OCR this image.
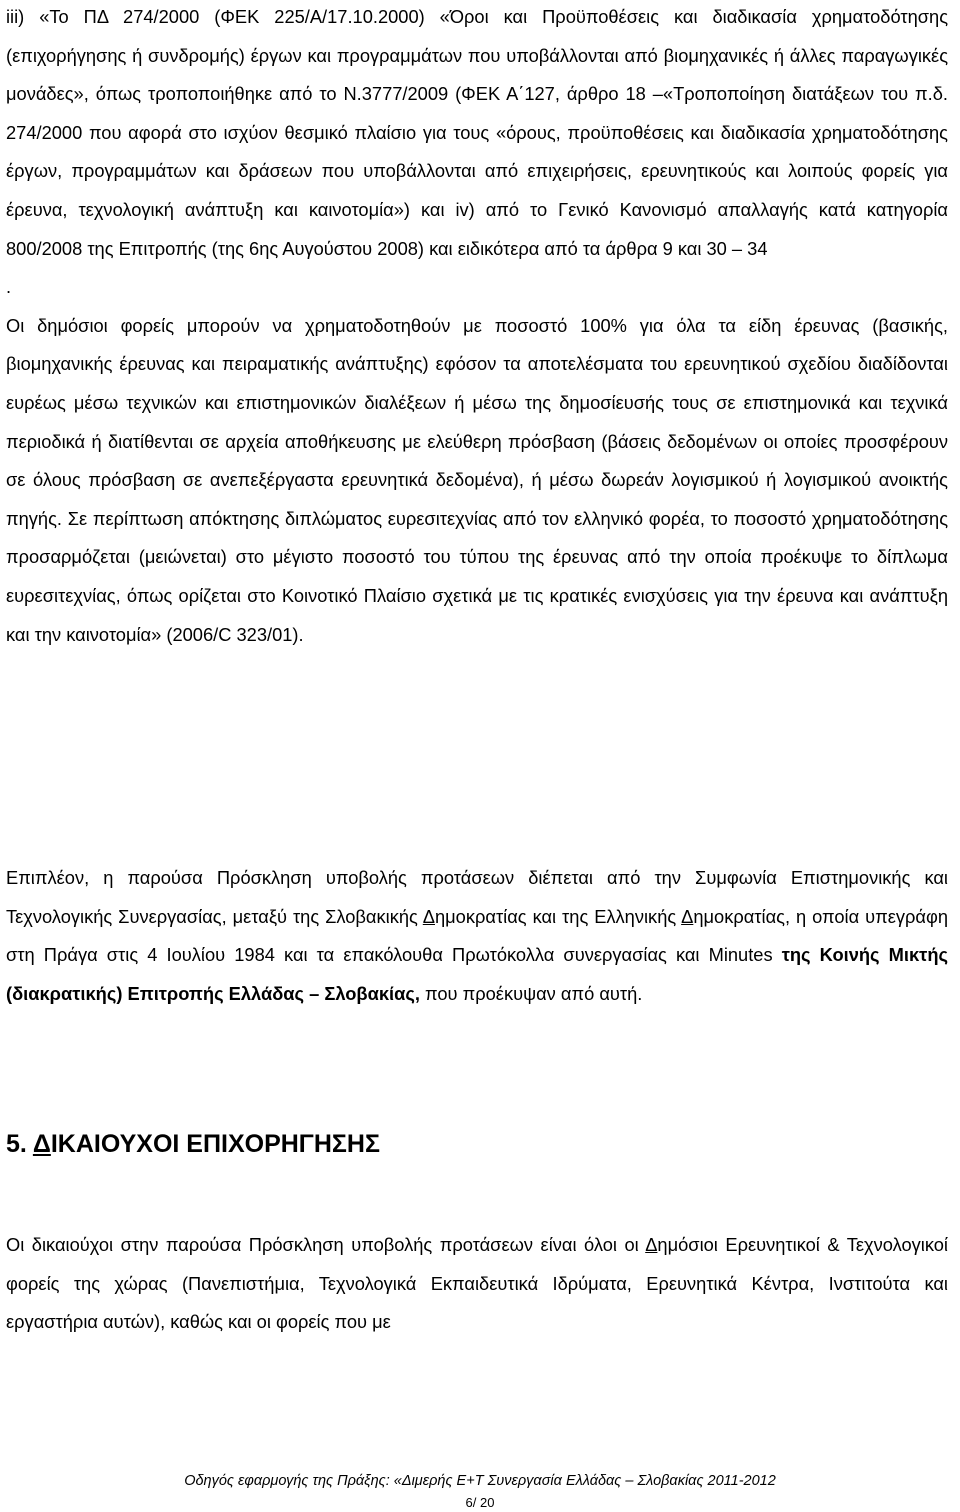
iii) «Το ΠΔ 274/2000 (ΦΕΚ 225/Α/17.10.2000) «Όροι και Προϋποθέσεις και διαδικασία χρηματοδότησης (επιχορήγησης ή συνδρομής) έργων και προγραμμάτων που υποβάλλονται από βιομηχανικές ή άλλες παραγωγικές μονάδες», όπως τροποποιήθηκε από το Ν.3777/2009 (ΦΕΚ Α΄127, άρθρο 18 –«Τροποποίηση διατάξεων του π.δ. 274/2000 που αφορά στο ισχύον θεσμικό πλαίσιο για τους «όρους, προϋποθέσεις και διαδικασία χρηματοδότησης έργων, προγραμμάτων και δράσεων που υποβάλλονται από επιχειρήσεις, ερευνητικούς και λοιπούς φορείς για έρευνα, τεχνολογική ανάπτυξη και καινοτομία») και iv) από το Γενικό Κανονισμό απαλλαγής κατά κατηγορία 800/2008 της Επιτροπής (της 6ης Αυγούστου 2008) και ειδικότερα από τα άρθρα 9 και 30 – 34
.
Οι δημόσιοι φορείς μπορούν να χρηματοδοτηθούν με ποσοστό 100% για όλα τα είδη έρευνας (βασικής, βιομηχανικής έρευνας και πειραματικής ανάπτυξης) εφόσον τα αποτελέσματα του ερευνητικού σχεδίου διαδίδονται ευρέως μέσω τεχνικών και επιστημονικών διαλέξεων ή μέσω της δημοσίευσής τους σε επιστημονικά και τεχνικά περιοδικά ή διατίθενται σε αρχεία αποθήκευσης με ελεύθερη πρόσβαση (βάσεις δεδομένων οι οποίες προσφέρουν σε όλους πρόσβαση σε ανεπεξέργαστα ερευνητικά δεδομένα), ή μέσω δωρεάν λογισμικού ή λογισμικού ανοικτής πηγής. Σε περίπτωση απόκτησης διπλώματος ευρεσιτεχνίας από τον ελληνικό φορέα, το ποσοστό χρηματοδότησης προσαρμόζεται (μειώνεται) στο μέγιστο ποσοστό του τύπου της έρευνας από την οποία προέκυψε το δίπλωμα ευρεσιτεχνίας, όπως ορίζεται στο Κοινοτικό Πλαίσιο σχετικά με τις κρατικές ενισχύσεις για την έρευνα και ανάπτυξη και την καινοτομία» (2006/C 323/01).

Επιπλέον, η παρούσα Πρόσκληση υποβολής προτάσεων διέπεται από την Συμφωνία Επιστημονικής και Τεχνολογικής Συνεργασίας, μεταξύ της Σλοβακικής Δημοκρατίας και της Ελληνικής Δημοκρατίας, η οποία υπεγράφη στη Πράγα στις 4 Ιουλίου 1984 και τα επακόλουθα Πρωτόκολλα συνεργασίας και Minutes της Κοινής Μικτής (διακρατικής) Επιτροπής Ελλάδας – Σλοβακίας, που προέκυψαν από αυτή.

5. ΔΙΚΑΙΟΥΧΟΙ ΕΠΙΧΟΡΗΓΗΣΗΣ

Οι δικαιούχοι στην παρούσα Πρόσκληση υποβολής προτάσεων είναι όλοι οι Δημόσιοι Ερευνητικοί & Τεχνολογικοί φορείς της χώρας (Πανεπιστήμια, Τεχνολογικά Εκπαιδευτικά Ιδρύματα, Ερευνητικά Κέντρα, Ινστιτούτα και εργαστήρια αυτών), καθώς και οι φορείς που με

Οδηγός εφαρμογής της Πράξης: «Διμερής Ε+Τ Συνεργασία Ελλάδας – Σλοβακίας 2011-2012
6/ 20
